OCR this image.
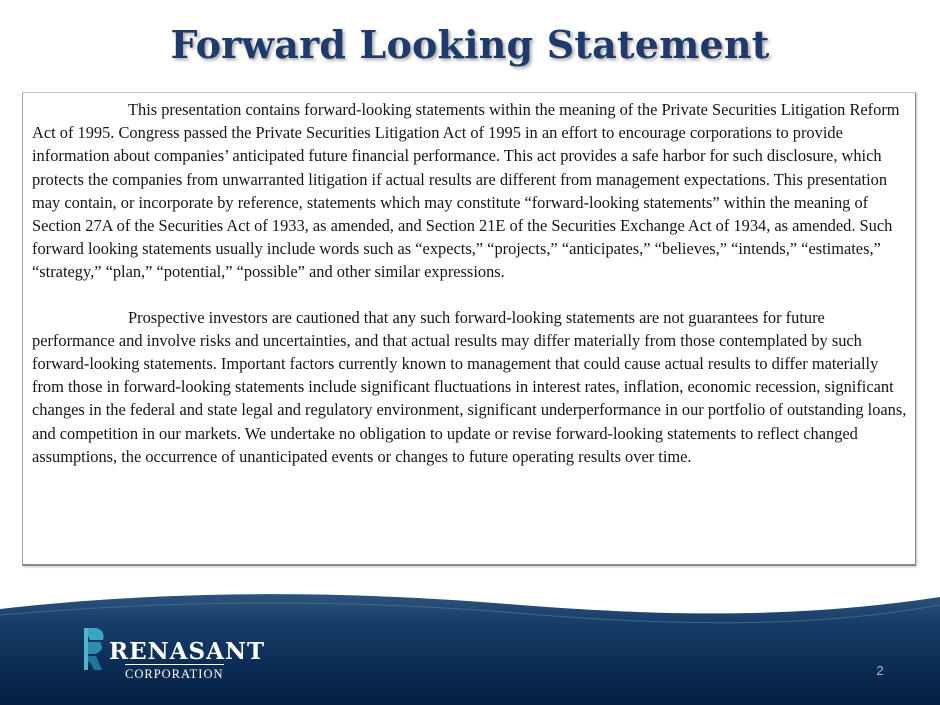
Forward Looking Statement

This presentation contains forward-looking statements within the meaning of the Private Securities Litigation Reform Act of 1995. Congress passed the Private Securities Litigation Act of 1995 in an effort to encourage corporations to provide information about companies’ anticipated future financial performance. This act provides a safe harbor for such disclosure, which protects the companies from unwarranted litigation if actual results are different from management expectations. This presentation may contain, or incorporate by reference, statements which may constitute “forward-looking statements” within the meaning of Section 27A of the Securities Act of 1933, as amended, and Section 21E of the Securities Exchange Act of 1934, as amended. Such forward looking statements usually include words such as “expects,” “projects,” “anticipates,” “believes,” “intends,” “estimates,” “strategy,” “plan,” “potential,” “possible” and other similar expressions.

Prospective investors are cautioned that any such forward-looking statements are not guarantees for future performance and involve risks and uncertainties, and that actual results may differ materially from those contemplated by such forward-looking statements. Important factors currently known to management that could cause actual results to differ materially from those in forward-looking statements include significant fluctuations in interest rates, inflation, economic recession, significant changes in the federal and state legal and regulatory environment, significant underperformance in our portfolio of outstanding loans, and competition in our markets. We undertake no obligation to update or revise forward-looking statements to reflect changed assumptions, the occurrence of unanticipated events or changes to future operating results over time.

RENASANT
CORPORATION	2
